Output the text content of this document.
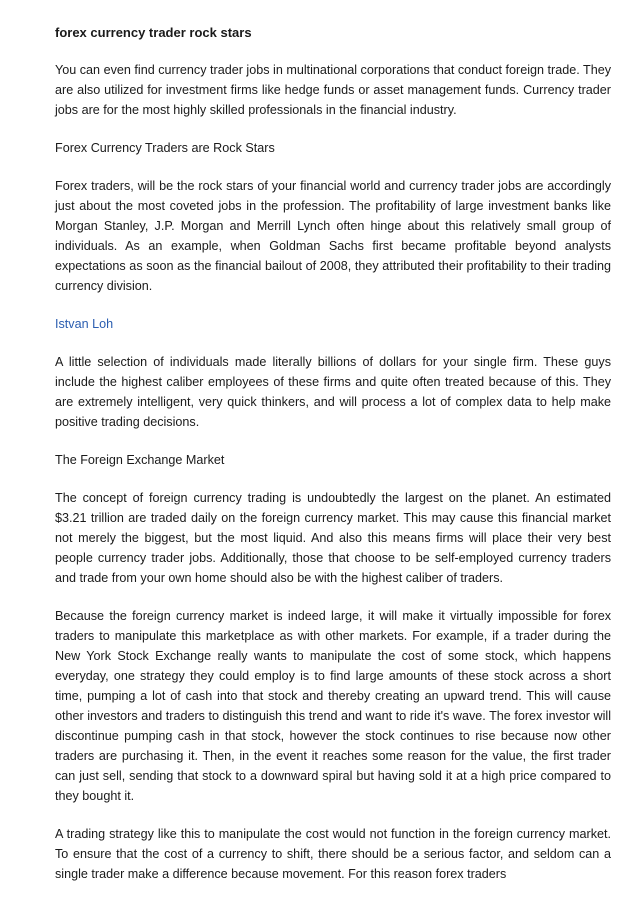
forex currency trader rock stars

You can even find currency trader jobs in multinational corporations that conduct foreign trade. They are also utilized for investment firms like hedge funds or asset management funds. Currency trader jobs are for the most highly skilled professionals in the financial industry.

Forex Currency Traders are Rock Stars

Forex traders, will be the rock stars of your financial world and currency trader jobs are accordingly just about the most coveted jobs in the profession. The profitability of large investment banks like Morgan Stanley, J.P. Morgan and Merrill Lynch often hinge about this relatively small group of individuals. As an example, when Goldman Sachs first became profitable beyond analysts expectations as soon as the financial bailout of 2008, they attributed their profitability to their trading currency division.

Istvan Loh

A little selection of individuals made literally billions of dollars for your single firm. These guys include the highest caliber employees of these firms and quite often treated because of this. They are extremely intelligent, very quick thinkers, and will process a lot of complex data to help make positive trading decisions.

The Foreign Exchange Market

The concept of foreign currency trading is undoubtedly the largest on the planet. An estimated $3.21 trillion are traded daily on the foreign currency market. This may cause this financial market not merely the biggest, but the most liquid. And also this means firms will place their very best people currency trader jobs. Additionally, those that choose to be self-employed currency traders and trade from your own home should also be with the highest caliber of traders.

Because the foreign currency market is indeed large, it will make it virtually impossible for forex traders to manipulate this marketplace as with other markets. For example, if a trader during the New York Stock Exchange really wants to manipulate the cost of some stock, which happens everyday, one strategy they could employ is to find large amounts of these stock across a short time, pumping a lot of cash into that stock and thereby creating an upward trend. This will cause other investors and traders to distinguish this trend and want to ride it's wave. The forex investor will discontinue pumping cash in that stock, however the stock continues to rise because now other traders are purchasing it. Then, in the event it reaches some reason for the value, the first trader can just sell, sending that stock to a downward spiral but having sold it at a high price compared to they bought it.

A trading strategy like this to manipulate the cost would not function in the foreign currency market. To ensure that the cost of a currency to shift, there should be a serious factor, and seldom can a single trader make a difference because movement. For this reason forex traders
